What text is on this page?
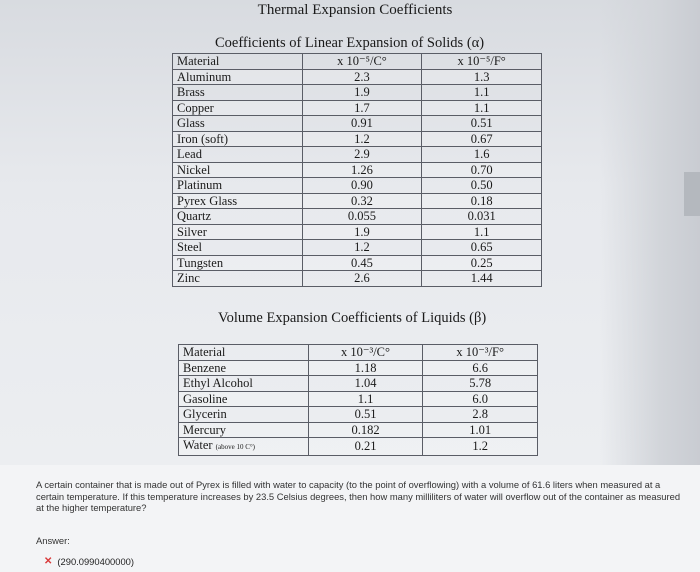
Thermal Expansion Coefficients
Coefficients of Linear Expansion of Solids (α)
Material	x 10⁻⁵/C°	x 10⁻⁵/F°
Aluminum	2.3	1.3
Brass	1.9	1.1
Copper	1.7	1.1
Glass	0.91	0.51
Iron (soft)	1.2	0.67
Lead	2.9	1.6
Nickel	1.26	0.70
Platinum	0.90	0.50
Pyrex Glass	0.32	0.18
Quartz	0.055	0.031
Silver	1.9	1.1
Steel	1.2	0.65
Tungsten	0.45	0.25
Zinc	2.6	1.44
Volume Expansion Coefficients of Liquids (β)
Material	x 10⁻³/C°	x 10⁻³/F°
Benzene	1.18	6.6
Ethyl Alcohol	1.04	5.78
Gasoline	1.1	6.0
Glycerin	0.51	2.8
Mercury	0.182	1.01
Water (above 10 C°)	0.21	1.2
A certain container that is made out of Pyrex is filled with water to capacity (to the point of overflowing) with a volume of 61.6 liters when measured at a certain temperature. If this temperature increases by 23.5 Celsius degrees, then how many milliliters of water will overflow out of the container as measured at the higher temperature?
Answer:
✕ (290.0990400000)
